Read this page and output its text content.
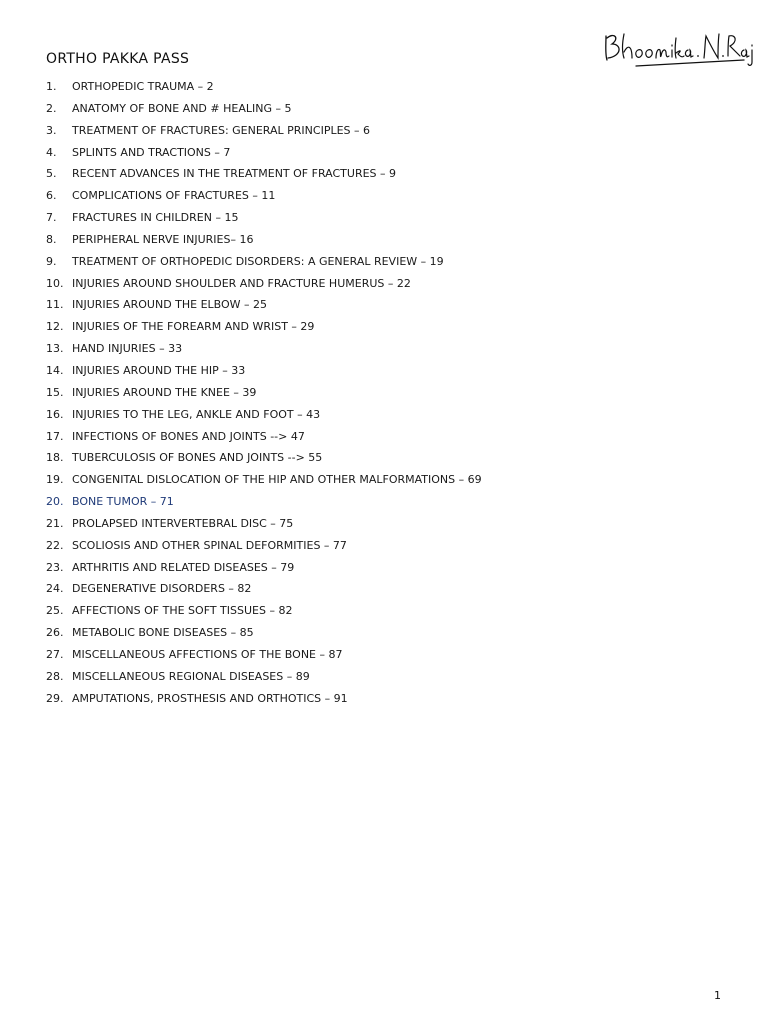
ORTHO PAKKA PASS
1.	ORTHOPEDIC TRAUMA – 2
2.	ANATOMY OF BONE AND # HEALING – 5
3.	TREATMENT OF FRACTURES: GENERAL PRINCIPLES – 6
4.	SPLINTS AND TRACTIONS – 7
5.	RECENT ADVANCES IN THE TREATMENT OF FRACTURES – 9
6.	COMPLICATIONS OF FRACTURES – 11
7.	FRACTURES IN CHILDREN – 15
8.	PERIPHERAL NERVE INJURIES– 16
9.	TREATMENT OF ORTHOPEDIC DISORDERS: A GENERAL REVIEW – 19
10. INJURIES AROUND SHOULDER AND FRACTURE HUMERUS – 22
11. INJURIES AROUND THE ELBOW – 25
12. INJURIES OF THE FOREARM AND WRIST – 29
13. HAND INJURIES – 33
14. INJURIES AROUND THE HIP – 33
15. INJURIES AROUND THE KNEE – 39
16. INJURIES TO THE LEG, ANKLE AND FOOT – 43
17. INFECTIONS OF BONES AND JOINTS --> 47
18. TUBERCULOSIS OF BONES AND JOINTS --> 55
19. CONGENITAL DISLOCATION OF THE HIP AND OTHER MALFORMATIONS – 69
20. BONE TUMOR – 71
21. PROLAPSED INTERVERTEBRAL DISC – 75
22. SCOLIOSIS AND OTHER SPINAL DEFORMITIES – 77
23. ARTHRITIS AND RELATED DISEASES – 79
24. DEGENERATIVE DISORDERS – 82
25. AFFECTIONS OF THE SOFT TISSUES – 82
26. METABOLIC BONE DISEASES – 85
27. MISCELLANEOUS AFFECTIONS OF THE BONE – 87
28. MISCELLANEOUS REGIONAL DISEASES – 89
29. AMPUTATIONS, PROSTHESIS AND ORTHOTICS – 91
1
